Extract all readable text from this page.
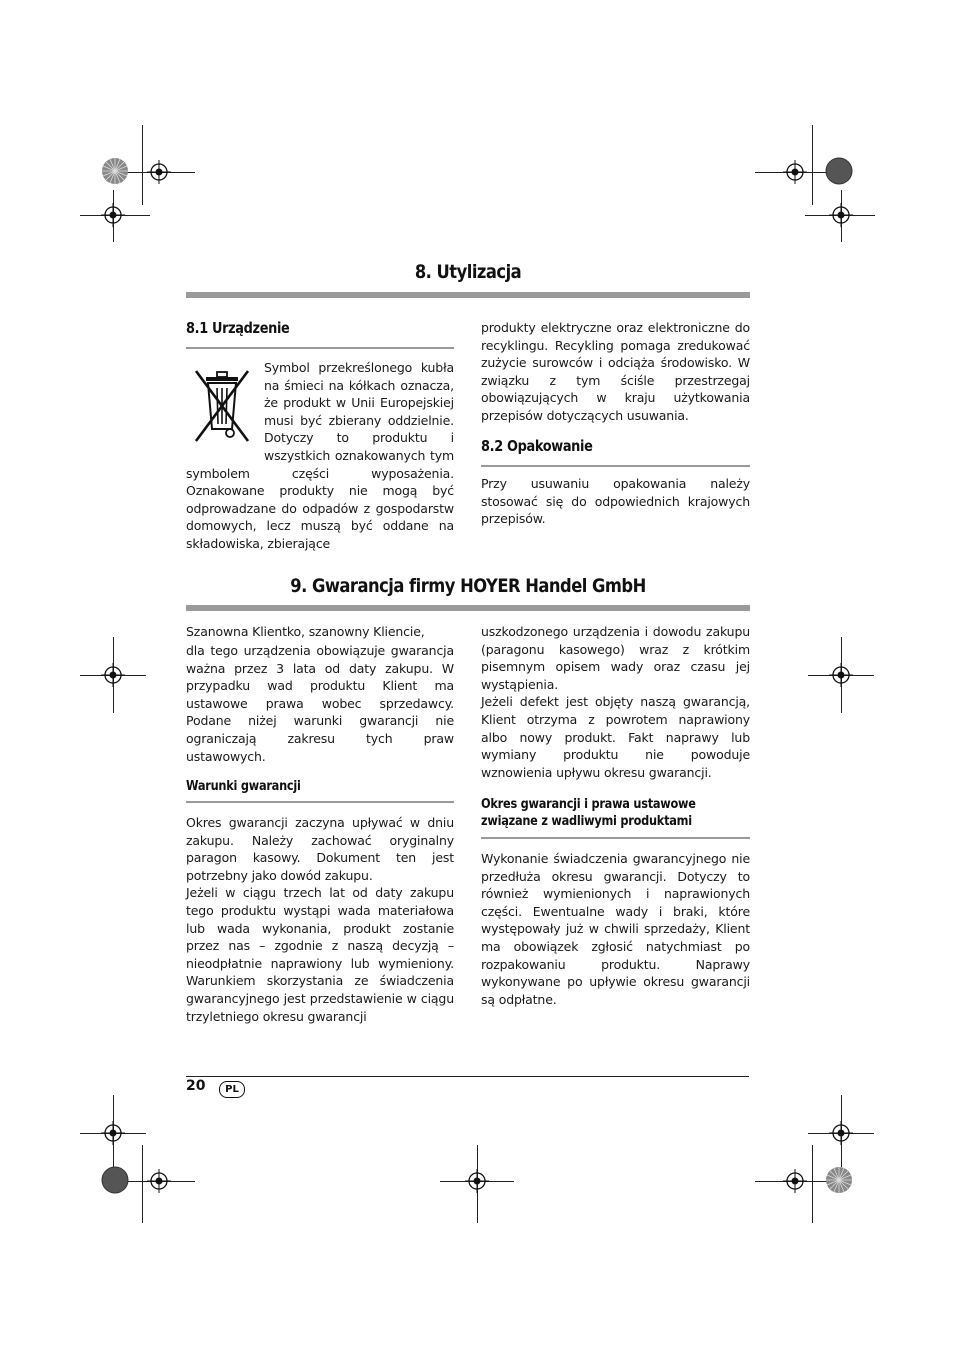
8. Utylizacja
8.1 Urządzenie

Symbol przekreślonego kubła na śmieci na kółkach oznacza, że produkt w Unii Europejskiej musi być zbierany oddzielnie. Dotyczy to produktu i wszystkich oznakowanych tym symbolem części wyposażenia. Oznakowane produkty nie mogą być odprowadzane do odpadów z gospodarstw domowych, lecz muszą być oddane na składowiska, zbierające

produkty elektryczne oraz elektroniczne do recyklingu. Recykling pomaga zredukować zużycie surowców i odciąża środowisko. W związku z tym ściśle przestrzegaj obowiązujących w kraju użytkowania przepisów dotyczących usuwania.

8.2 Opakowanie

Przy usuwaniu opakowania należy stosować się do odpowiednich krajowych przepisów.

9. Gwarancja firmy HOYER Handel GmbH
Szanowna Klientko, szanowny Kliencie,

dla tego urządzenia obowiązuje gwarancja ważna przez 3 lata od daty zakupu. W przypadku wad produktu Klient ma ustawowe prawa wobec sprzedawcy. Podane niżej warunki gwarancji nie ograniczają zakresu tych praw ustawowych.

Warunki gwarancji

Okres gwarancji zaczyna upływać w dniu zakupu. Należy zachować oryginalny paragon kasowy. Dokument ten jest potrzebny jako dowód zakupu.

Jeżeli w ciągu trzech lat od daty zakupu tego produktu wystąpi wada materiałowa lub wada wykonania, produkt zostanie przez nas – zgodnie z naszą decyzją – nieodpłatnie naprawiony lub wymieniony. Warunkiem skorzystania ze świadczenia gwarancyjnego jest przedstawienie w ciągu trzyletniego okresu gwarancji

uszkodzonego urządzenia i dowodu zakupu (paragonu kasowego) wraz z krótkim pisemnym opisem wady oraz czasu jej wystąpienia.

Jeżeli defekt jest objęty naszą gwarancją, Klient otrzyma z powrotem naprawiony albo nowy produkt. Fakt naprawy lub wymiany produktu nie powoduje wznowienia upływu okresu gwarancji.

Okres gwarancji i prawa ustawowe
związane z wadliwymi produktami

Wykonanie świadczenia gwarancyjnego nie przedłuża okresu gwarancji. Dotyczy to również wymienionych i naprawionych części. Ewentualne wady i braki, które występowały już w chwili sprzedaży, Klient ma obowiązek zgłosić natychmiast po rozpakowaniu produktu. Naprawy wykonywane po upływie okresu gwarancji są odpłatne.

20	PL
